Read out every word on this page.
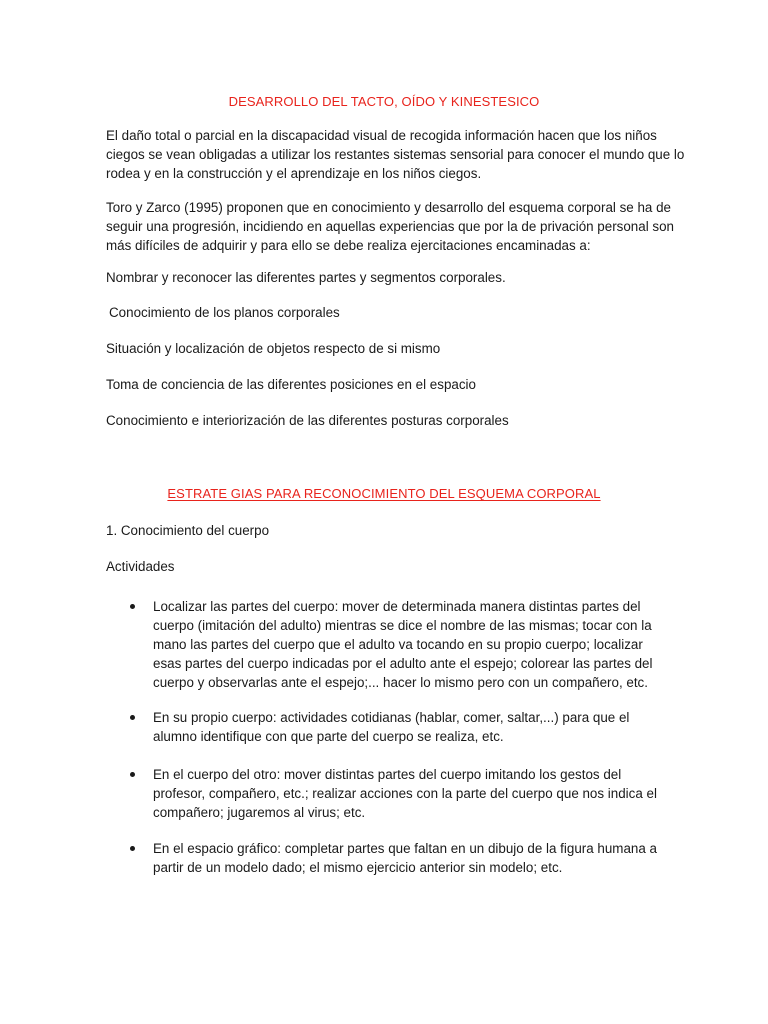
DESARROLLO DEL TACTO, OÍDO Y KINESTESICO

El daño total o parcial en la discapacidad visual de recogida información hacen que los niños ciegos se vean obligadas a utilizar los restantes sistemas sensorial para conocer el mundo que lo rodea y en la construcción y el aprendizaje en los niños ciegos.

Toro y Zarco (1995) proponen que en conocimiento y desarrollo del esquema corporal se ha de seguir una progresión, incidiendo en aquellas experiencias que por la de privación personal son más difíciles de adquirir y para ello se debe realiza ejercitaciones encaminadas a:

Nombrar y reconocer las diferentes partes y segmentos corporales.

Conocimiento de los planos corporales

Situación y localización de objetos respecto de si mismo

Toma de conciencia de las diferentes posiciones en el espacio

Conocimiento e interiorización de las diferentes posturas corporales

ESTRATE GIAS PARA RECONOCIMIENTO DEL ESQUEMA CORPORAL

1. Conocimiento del cuerpo

Actividades

Localizar las partes del cuerpo: mover de determinada manera distintas partes del cuerpo (imitación del adulto) mientras se dice el nombre de las mismas; tocar con la mano las partes del cuerpo que el adulto va tocando en su propio cuerpo; localizar esas partes del cuerpo indicadas por el adulto ante el espejo; colorear las partes del cuerpo y observarlas ante el espejo;... hacer lo mismo pero con un compañero, etc.

En su propio cuerpo: actividades cotidianas (hablar, comer, saltar,...) para que el alumno identifique con que parte del cuerpo se realiza, etc.

En el cuerpo del otro: mover distintas partes del cuerpo imitando los gestos del profesor, compañero, etc.; realizar acciones con la parte del cuerpo que nos indica el compañero; jugaremos al virus; etc.

En el espacio gráfico: completar partes que faltan en un dibujo de la figura humana a partir de un modelo dado; el mismo ejercicio anterior sin modelo; etc.
